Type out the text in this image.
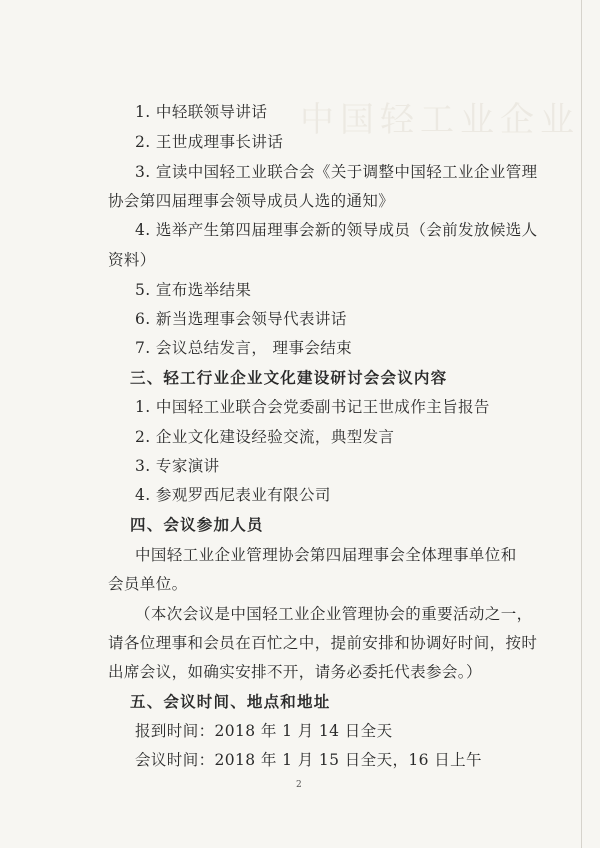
中国轻工业企业
1. 中轻联领导讲话
2. 王世成理事长讲话
3. 宣读中国轻工业联合会《关于调整中国轻工业企业管理
协会第四届理事会领导成员人选的通知》
4. 选举产生第四届理事会新的领导成员（会前发放候选人
资料）
5. 宣布选举结果
6. 新当选理事会领导代表讲话
7. 会议总结发言， 理事会结束
三、轻工行业企业文化建设研讨会会议内容
1. 中国轻工业联合会党委副书记王世成作主旨报告
2. 企业文化建设经验交流，典型发言
3. 专家演讲
4. 参观罗西尼表业有限公司
四、会议参加人员
中国轻工业企业管理协会第四届理事会全体理事单位和
会员单位。
（本次会议是中国轻工业企业管理协会的重要活动之一，
请各位理事和会员在百忙之中，提前安排和协调好时间，按时
出席会议，如确实安排不开，请务必委托代表参会。）
五、会议时间、地点和地址
报到时间：2018 年 1 月 14 日全天
会议时间：2018 年 1 月 15 日全天，16 日上午
2
